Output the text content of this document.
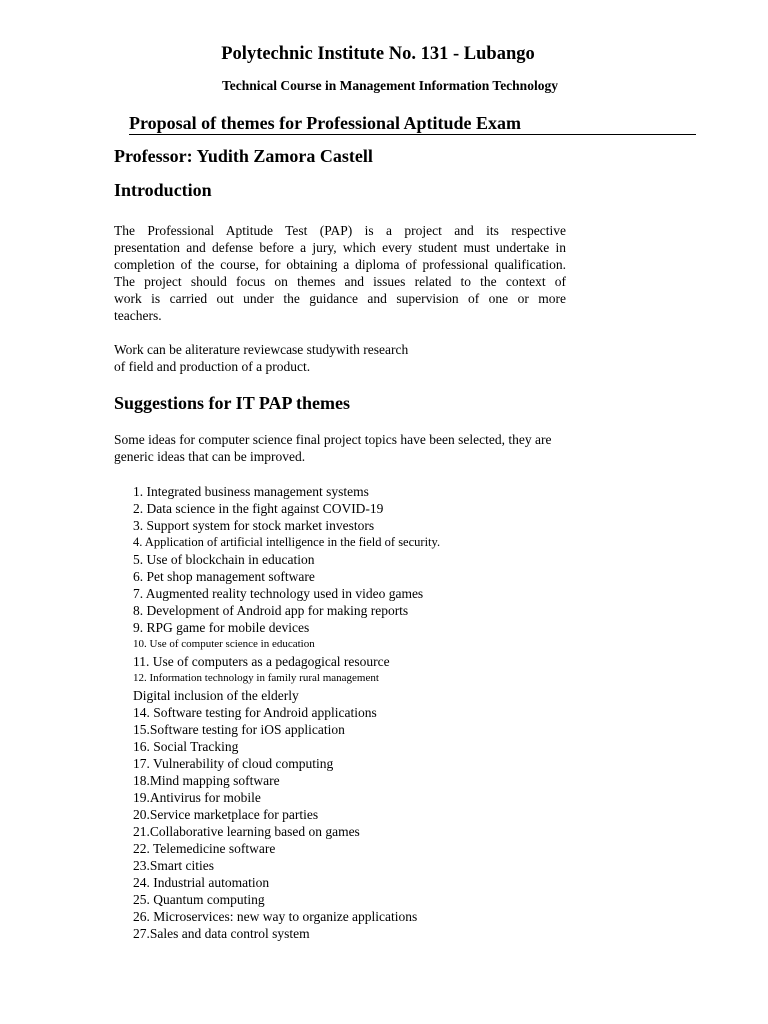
Polytechnic Institute No. 131 - Lubango
Technical Course in Management Information Technology
Proposal of themes for Professional Aptitude Exam
Professor: Yudith Zamora Castell
Introduction
The Professional Aptitude Test (PAP) is a project and its respective
presentation and defense before a jury, which every student must undertake in
completion of the course, for obtaining a diploma of professional qualification.
The project should focus on themes and issues related to the context of
work is carried out under the guidance and supervision of one or more
teachers.
Work can be aliterature reviewcase studywith research
of field and production of a product.
Suggestions for IT PAP themes
Some ideas for computer science final project topics have been selected, they are
generic ideas that can be improved.
1. Integrated business management systems
2. Data science in the fight against COVID-19
3. Support system for stock market investors
4. Application of artificial intelligence in the field of security.
5. Use of blockchain in education
6. Pet shop management software
7. Augmented reality technology used in video games
8. Development of Android app for making reports
9. RPG game for mobile devices
10. Use of computer science in education
11. Use of computers as a pedagogical resource
12. Information technology in family rural management
Digital inclusion of the elderly
14. Software testing for Android applications
15.Software testing for iOS application
16. Social Tracking
17. Vulnerability of cloud computing
18.Mind mapping software
19.Antivirus for mobile
20.Service marketplace for parties
21.Collaborative learning based on games
22. Telemedicine software
23.Smart cities
24. Industrial automation
25. Quantum computing
26. Microservices: new way to organize applications
27.Sales and data control system
